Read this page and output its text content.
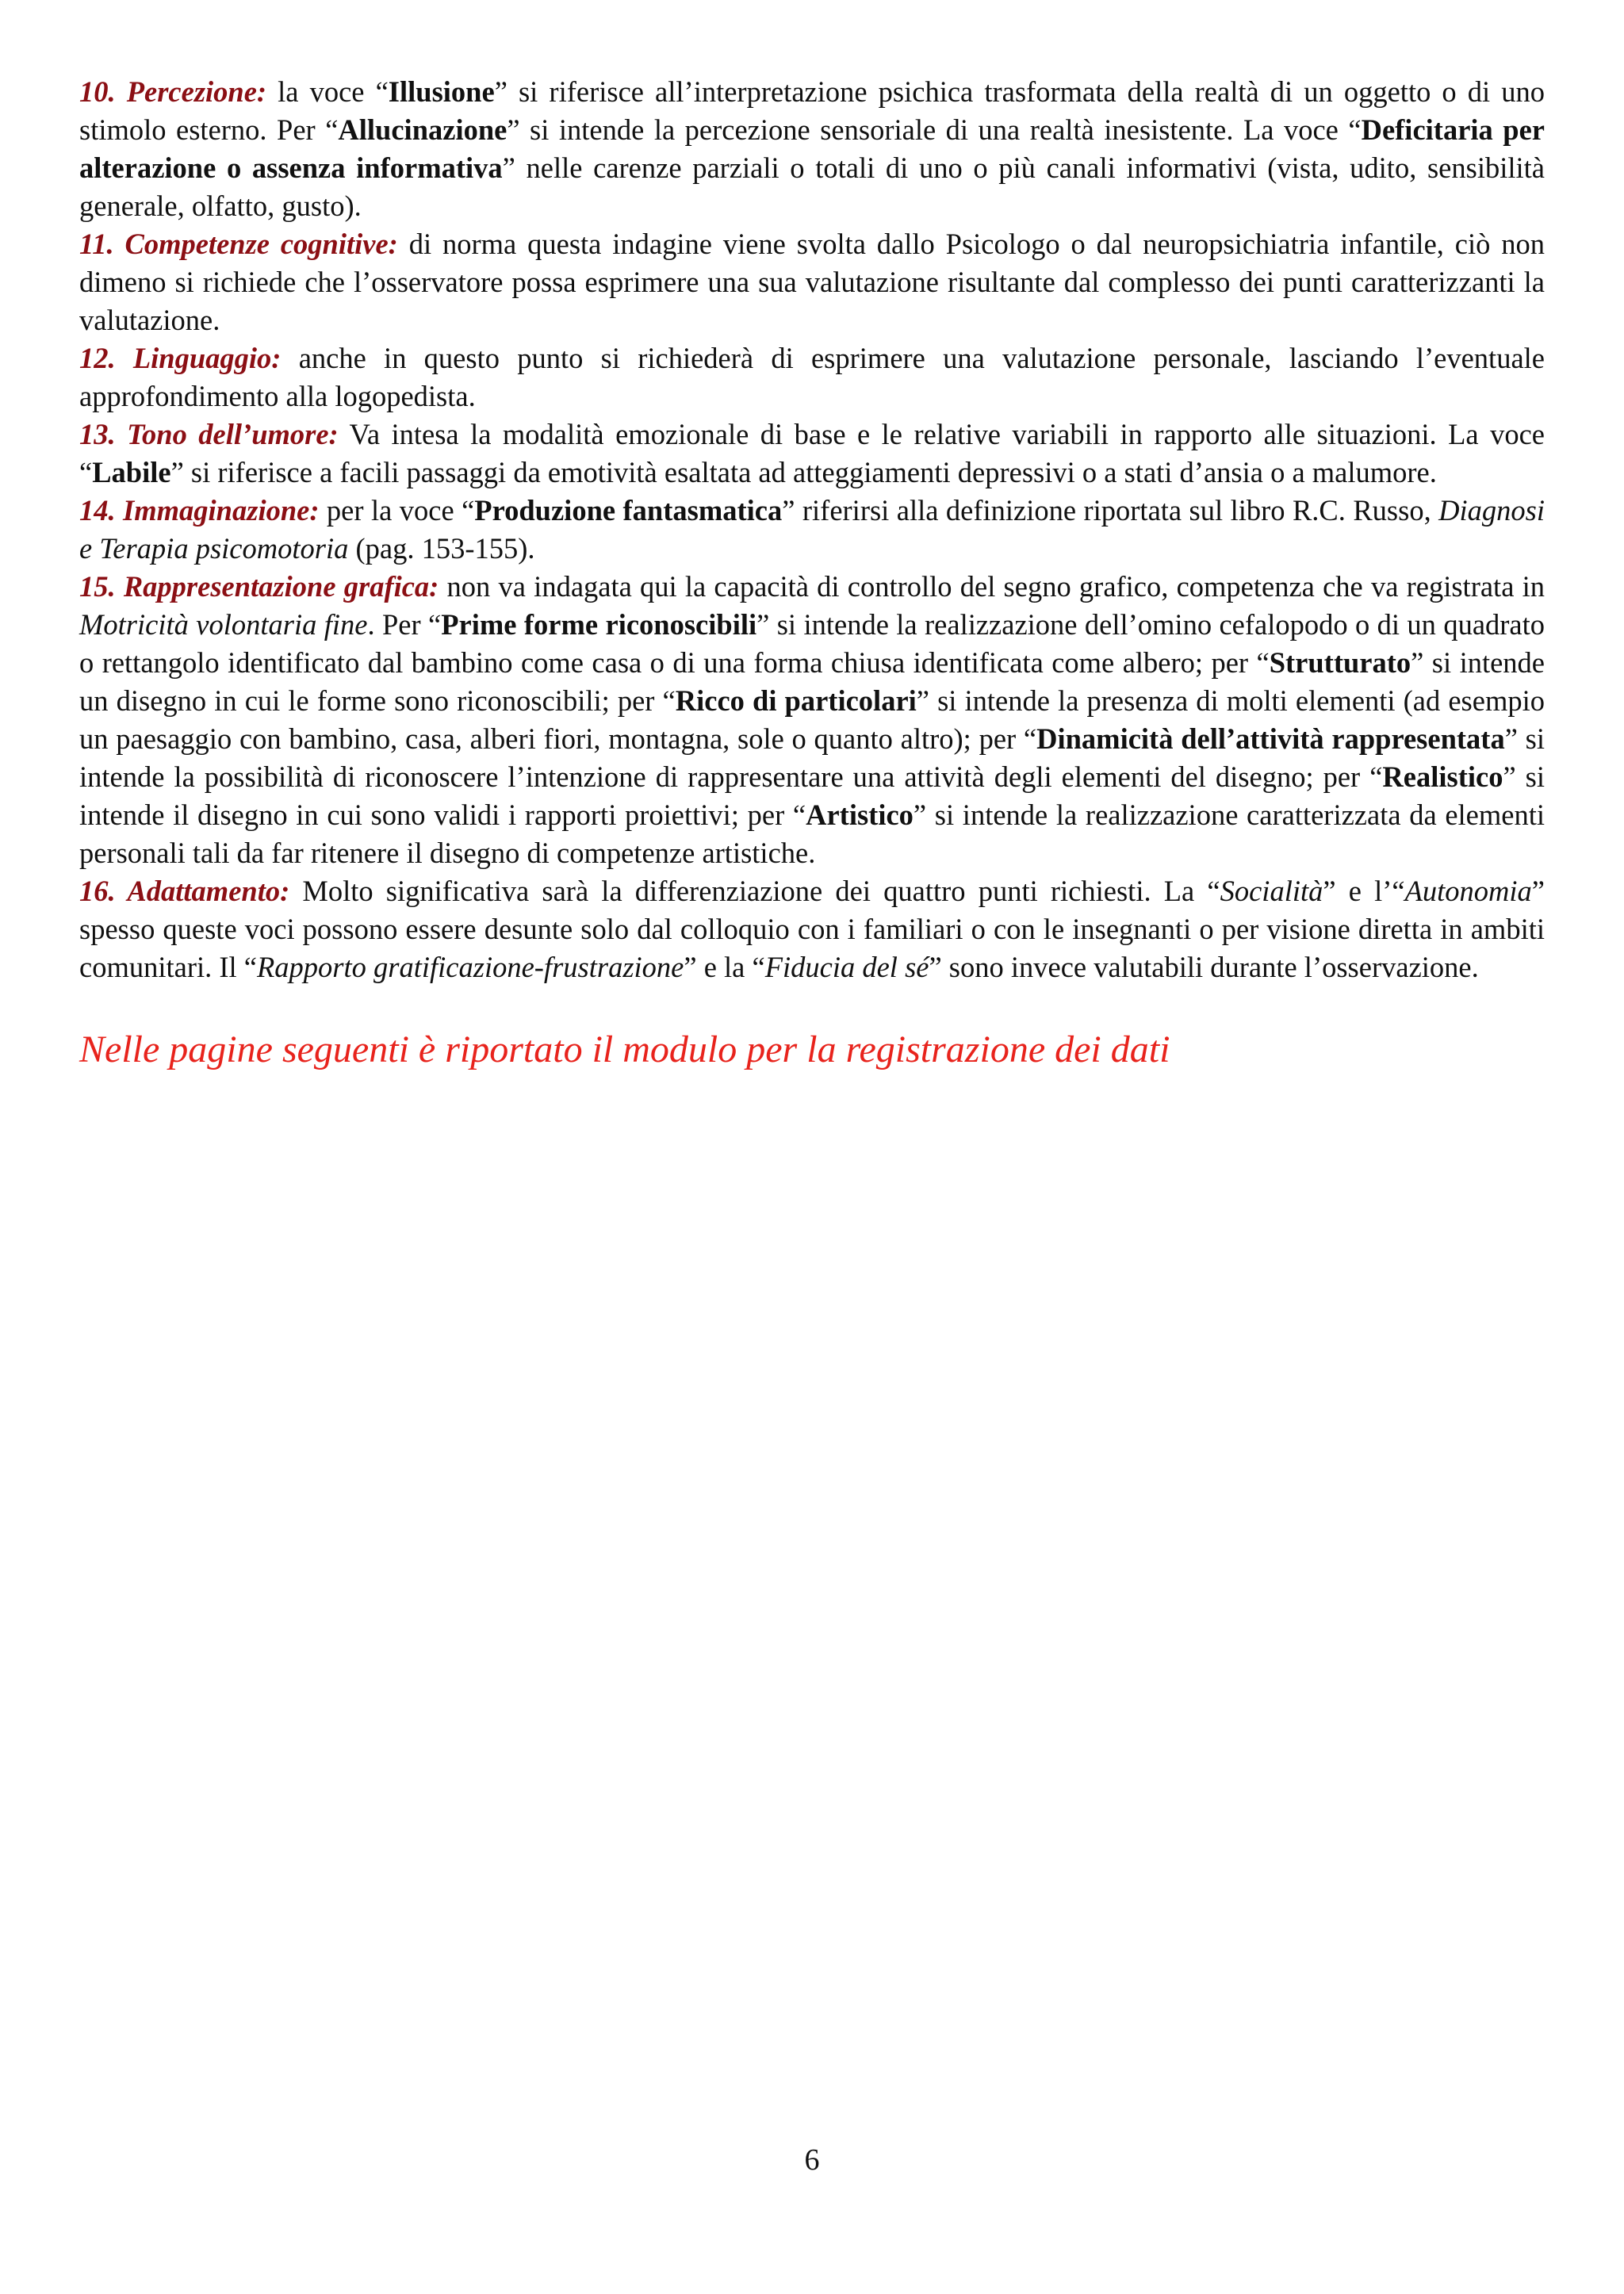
10. Percezione: la voce “Illusione” si riferisce all’interpretazione psichica trasformata della realtà di un oggetto o di uno stimolo esterno. Per “Allucinazione” si intende la percezione sensoriale di una realtà inesistente. La voce “Deficitaria per alterazione o assenza informativa” nelle carenze parziali o totali di uno o più canali informativi (vista, udito, sensibilità generale, olfatto, gusto).

11. Competenze cognitive: di norma questa indagine viene svolta dallo Psicologo o dal neuropsichiatria infantile, ciò non dimeno si richiede che l’osservatore possa esprimere una sua valutazione risultante dal complesso dei punti caratterizzanti la valutazione.

12. Linguaggio: anche in questo punto si richiederà di esprimere una valutazione personale, lasciando l’eventuale approfondimento alla logopedista.

13. Tono dell’umore: Va intesa la modalità emozionale di base e le relative variabili in rapporto alle situazioni. La voce “Labile” si riferisce a facili passaggi da emotività esaltata ad atteggiamenti depressivi o a stati d’ansia o a malumore.

14. Immaginazione: per la voce “Produzione fantasmatica” riferirsi alla definizione riportata sul libro R.C. Russo, Diagnosi e Terapia psicomotoria (pag. 153-155).

15. Rappresentazione grafica: non va indagata qui la capacità di controllo del segno grafico, competenza che va registrata in Motricità volontaria fine. Per “Prime forme riconoscibili” si intende la realizzazione dell’omino cefalopodo o di un quadrato o rettangolo identificato dal bambino come casa o di una forma chiusa identificata come albero; per “Strutturato” si intende un disegno in cui le forme sono riconoscibili; per “Ricco di particolari” si intende la presenza di molti elementi (ad esempio un paesaggio con bambino, casa, alberi fiori, montagna, sole o quanto altro); per “Dinamicità dell’attività rappresentata” si intende la possibilità di riconoscere l’intenzione di rappresentare una attività degli elementi del disegno; per “Realistico” si intende il disegno in cui sono validi i rapporti proiettivi; per “Artistico” si intende la realizzazione caratterizzata da elementi personali tali da far ritenere il disegno di competenze artistiche.

16. Adattamento: Molto significativa sarà la differenziazione dei quattro punti richiesti. La “Socialità” e l’“Autonomia” spesso queste voci possono essere desunte solo dal colloquio con i familiari o con le insegnanti o per visione diretta in ambiti comunitari. Il “Rapporto gratificazione-frustrazione” e la “Fiducia del sé” sono invece valutabili durante l’osservazione.

Nelle pagine seguenti è riportato il modulo per la registrazione dei dati

6
